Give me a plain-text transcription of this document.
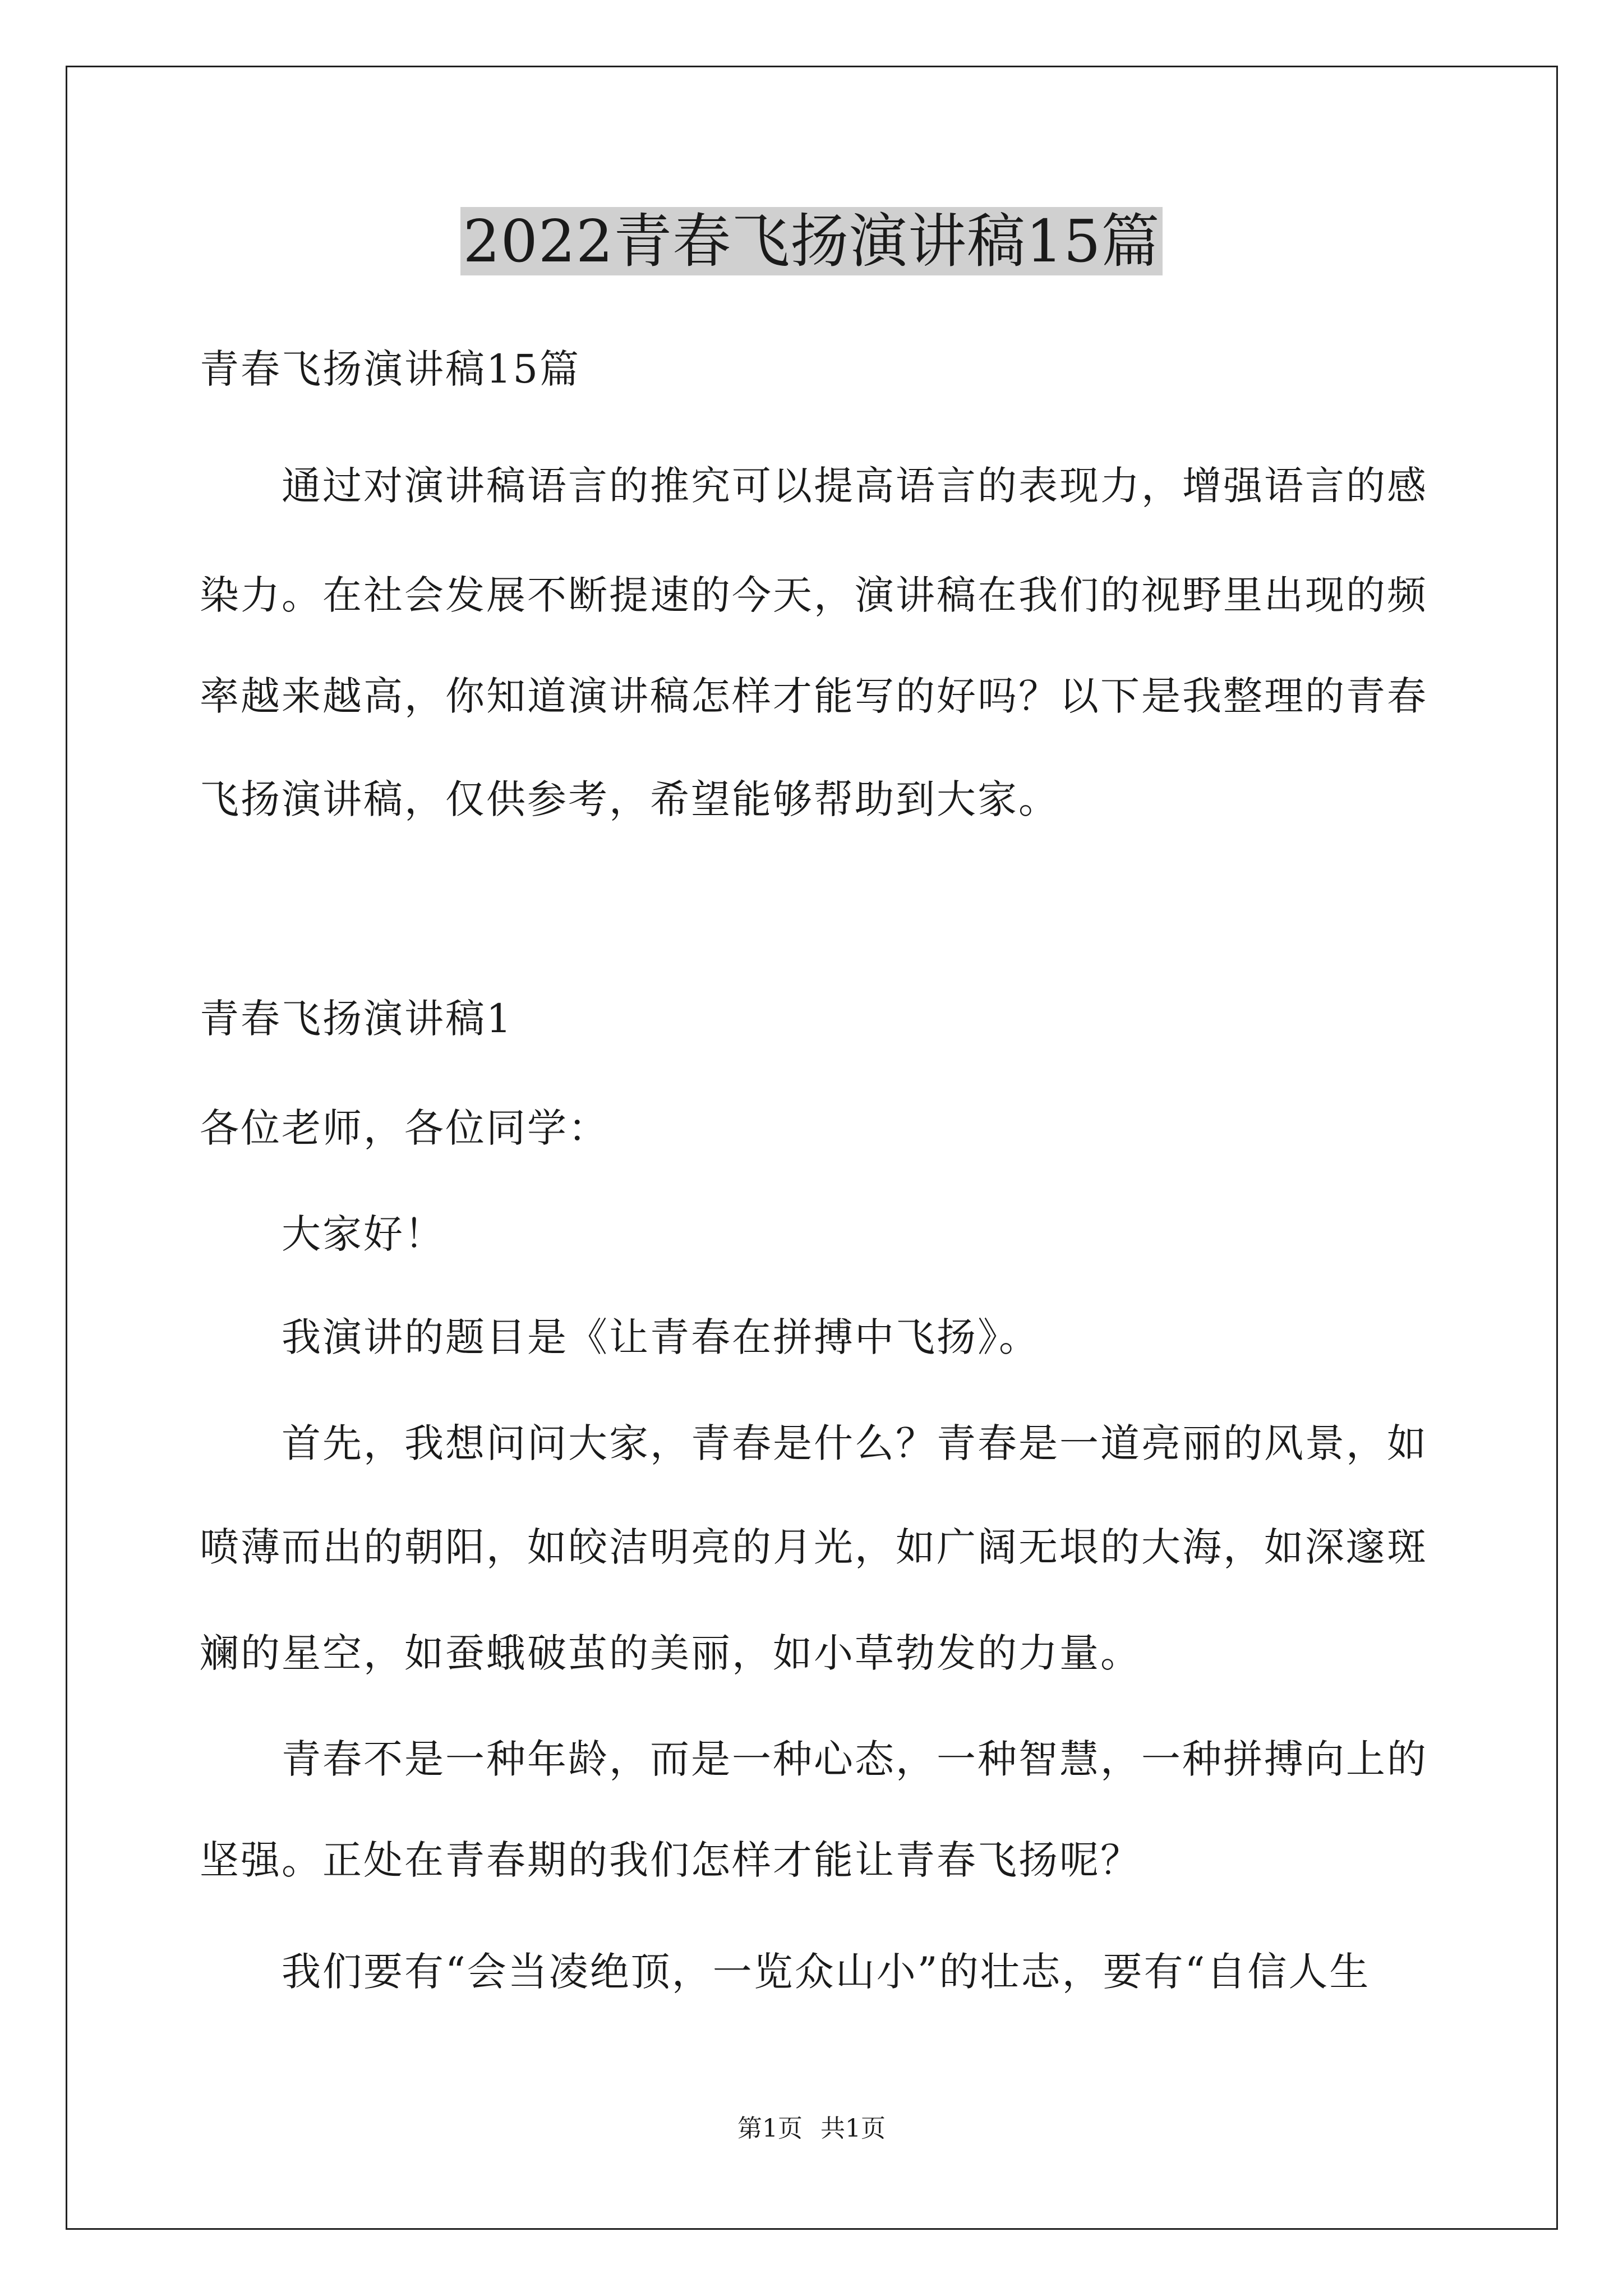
2022青春飞扬演讲稿15篇
青春飞扬演讲稿15篇
通过对演讲稿语言的推究可以提高语言的表现力，增强语言的感
染力。在社会发展不断提速的今天，演讲稿在我们的视野里出现的频
率越来越高，你知道演讲稿怎样才能写的好吗？以下是我整理的青春
飞扬演讲稿，仅供参考，希望能够帮助到大家。
青春飞扬演讲稿1
各位老师，各位同学：
大家好！
我演讲的题目是《让青春在拼搏中飞扬》。
首先，我想问问大家，青春是什么？青春是一道亮丽的风景，如
喷薄而出的朝阳，如皎洁明亮的月光，如广阔无垠的大海，如深邃斑
斓的星空，如蚕蛾破茧的美丽，如小草勃发的力量。
青春不是一种年龄，而是一种心态，一种智慧，一种拼搏向上的
坚强。正处在青春期的我们怎样才能让青春飞扬呢？
我们要有“会当凌绝顶，一览众山小”的壮志，要有“自信人生
第1页 共1页
